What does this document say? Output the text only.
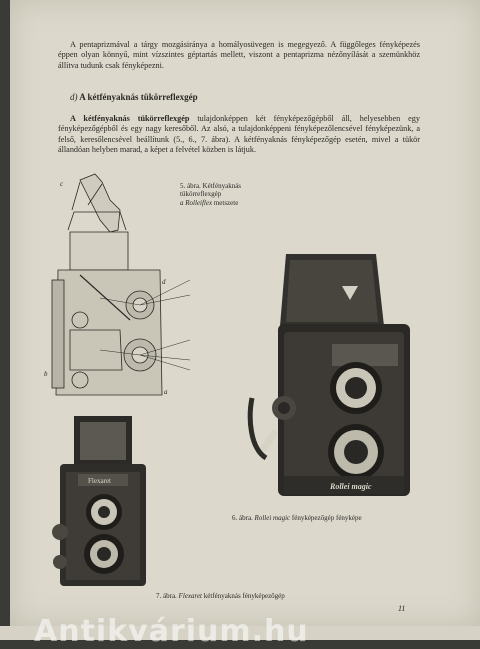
A pentaprizmával a tárgy mozgásiránya a homályosüvegen is megegyező. A függőleges fényképezés éppen olyan könnyű, mint vízszintes géptartás mellett, viszont a pentaprizma nézőnyílását a szemünkhöz állítva tudunk csak fényképezni.

d) A kétfényaknás tükörreflexgép

A kétfényaknás tükörreflexgép tulajdonképpen két fényképezőgépből áll, helyesebben egy fényképezőgépből és egy nagy keresőből. Az alsó, a tulajdonképpeni fényképezőlencsével fényképezünk, a felső, keresőlencsével beállítunk (5., 6., 7. ábra). A kétfényaknás fényképezőgép esetén, mivel a tükör állandóan helyben marad, a képet a felvétel közben is látjuk.

c
d
b
a

5. ábra. Kétfényaknás
tükörreflexgép
a Rolleiflex metszete

Rollei magic

6. ábra. Rollei magic fényképezőgép fényképe

Flexaret

7. ábra. Flexaret kétfényaknás fényképezőgép

11

Antikvárium.hu
